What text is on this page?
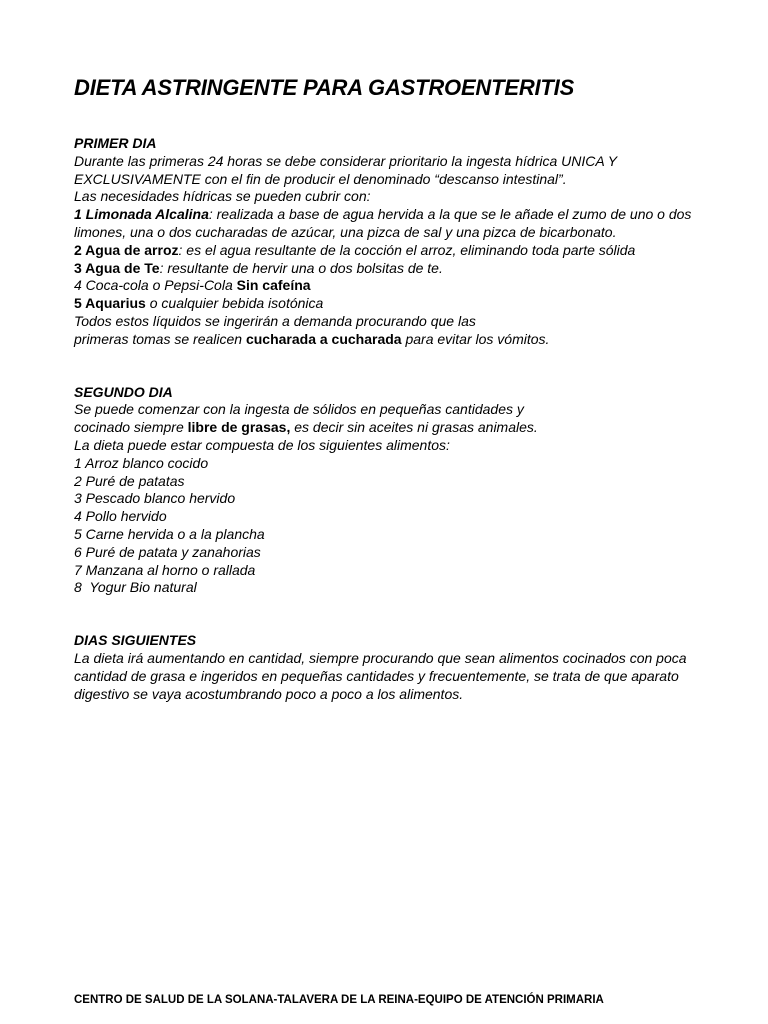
DIETA ASTRINGENTE PARA GASTROENTERITIS
PRIMER DIA
Durante las primeras 24 horas se debe considerar prioritario la ingesta hídrica UNICA Y EXCLUSIVAMENTE con el fin de producir el denominado “descanso intestinal”.
Las necesidades hídricas se pueden cubrir con:
1 Limonada Alcalina: realizada a base de agua hervida a la que se le añade el zumo de uno o dos limones, una o dos cucharadas de azúcar, una pizca de sal y una pizca de bicarbonato.
2 Agua de arroz: es el agua resultante de la cocción el arroz, eliminando toda parte sólida
3 Agua de Te: resultante de hervir una o dos bolsitas de te.
4 Coca-cola o Pepsi-Cola Sin cafeína
5 Aquarius o cualquier bebida isotónica
Todos estos líquidos se ingerirán a demanda procurando que las
primeras tomas se realicen cucharada a cucharada para evitar los vómitos.
SEGUNDO DIA
Se puede comenzar con la ingesta de sólidos en pequeñas cantidades y
cocinado siempre libre de grasas, es decir sin aceites ni grasas animales.
La dieta puede estar compuesta de los siguientes alimentos:
1 Arroz blanco cocido
2 Puré de patatas
3 Pescado blanco hervido
4 Pollo hervido
5 Carne hervida o a la plancha
6 Puré de patata y zanahorias
7 Manzana al horno o rallada
8  Yogur Bio natural
DIAS SIGUIENTES
La dieta irá aumentando en cantidad, siempre procurando que sean alimentos cocinados con poca cantidad de grasa e ingeridos en pequeñas cantidades y frecuentemente, se trata de que aparato digestivo se vaya acostumbrando poco a poco a los alimentos.
CENTRO DE SALUD DE LA SOLANA-TALAVERA DE LA REINA-EQUIPO DE ATENCIÓN PRIMARIA
